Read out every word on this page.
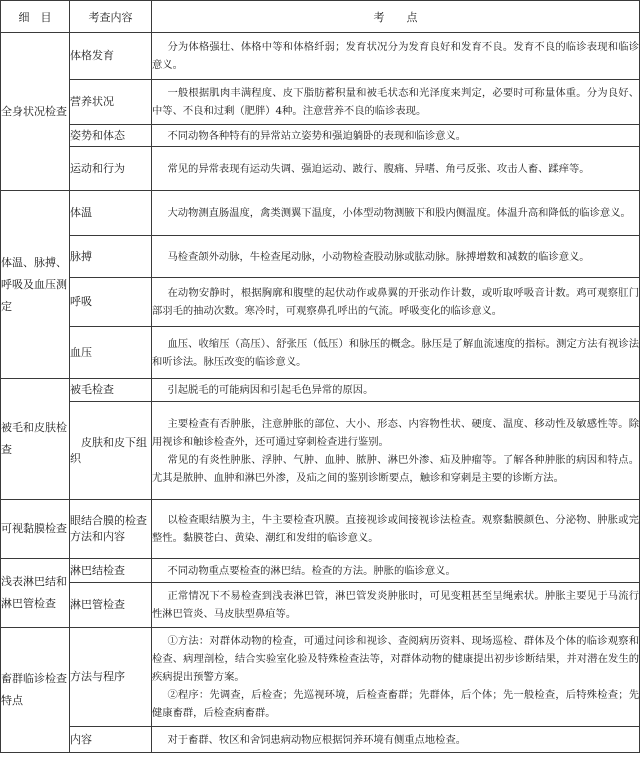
细　目	考查内容	考　　点
全身状况检查	体格发育	分为体格强壮、体格中等和体格纤弱；发育状况分为发育良好和发育不良。发育不良的临诊表现和临诊意义。

	营养状况	一般根据肌肉丰满程度、皮下脂肪蓄积量和被毛状态和光泽度来判定，必要时可称量体重。分为良好、中等、不良和过剩（肥胖）4种。注意营养不良的临诊表现。

	姿势和体态	不同动物各种特有的异常站立姿势和强迫躺卧的表现和临诊意义。

	运动和行为	常见的异常表现有运动失调、强迫运动、跛行、腹痛、异嗜、角弓反张、攻击人畜、蹂痒等。

体温、脉搏、呼吸及血压测定	体温	大动物测直肠温度，禽类测翼下温度，小体型动物测腋下和股内侧温度。体温升高和降低的临诊意义。

	脉搏	马检查颌外动脉，牛检查尾动脉，小动物检查股动脉或肱动脉。脉搏增数和减数的临诊意义。

	呼吸	在动物安静时，根据胸廓和腹壁的起伏动作或鼻翼的开张动作计数，或听取呼吸音计数。鸡可观察肛门部羽毛的抽动次数。寒冷时，可观察鼻孔呼出的气流。呼吸变化的临诊意义。

	血压	血压、收缩压（高压）、舒张压（低压）和脉压的概念。脉压是了解血流速度的指标。测定方法有视诊法和听诊法。脉压改变的临诊意义。

被毛和皮肤检查	被毛检查	引起脱毛的可能病因和引起毛色异常的原因。

	皮肤和皮下组织	主要检查有否肿胀，注意肿胀的部位、大小、形态、内容物性状、硬度、温度、移动性及敏感性等。除用视诊和触诊检查外，还可通过穿刺检查进行鉴别。

常见的有炎性肿胀、浮肿、气肿、血肿、脓肿、淋巴外渗、疝及肿瘤等。了解各种肿胀的病因和特点。尤其是脓肿、血肿和淋巴外渗，及疝之间的鉴别诊断要点，触诊和穿刺是主要的诊断方法。

可视黏膜检查	眼结合膜的检查方法和内容	以检查眼结膜为主，牛主要检查巩膜。直接视诊或间接视诊法检查。观察黏膜颜色、分泌物、肿胀或完整性。黏膜苍白、黄染、潮红和发绀的临诊意义。

浅表淋巴结和淋巴管检查	淋巴结检查	不同动物重点要检查的淋巴结。检查的方法。肿胀的临诊意义。

	淋巴管检查	正常情况下不易检查到浅表淋巴管，淋巴管发炎肿胀时，可见变粗甚至呈绳索状。肿胀主要见于马流行性淋巴管炎、马皮肤型鼻疽等。

畜群临诊检查特点	方法与程序	①方法：对群体动物的检查，可通过问诊和视诊、查阅病历资料、现场巡检、群体及个体的临诊观察和检查、病理剖检，结合实验室化验及特殊检查法等，对群体动物的健康提出初步诊断结果，并对潜在发生的疾病提出预警方案。

②程序：先调查，后检查；先巡视环境，后检查畜群；先群体，后个体；先一般检查，后特殊检查；先健康畜群，后检查病畜群。

	内容	对于畜群、牧区和舍饲患病动物应根据饲养环境有侧重点地检查。
